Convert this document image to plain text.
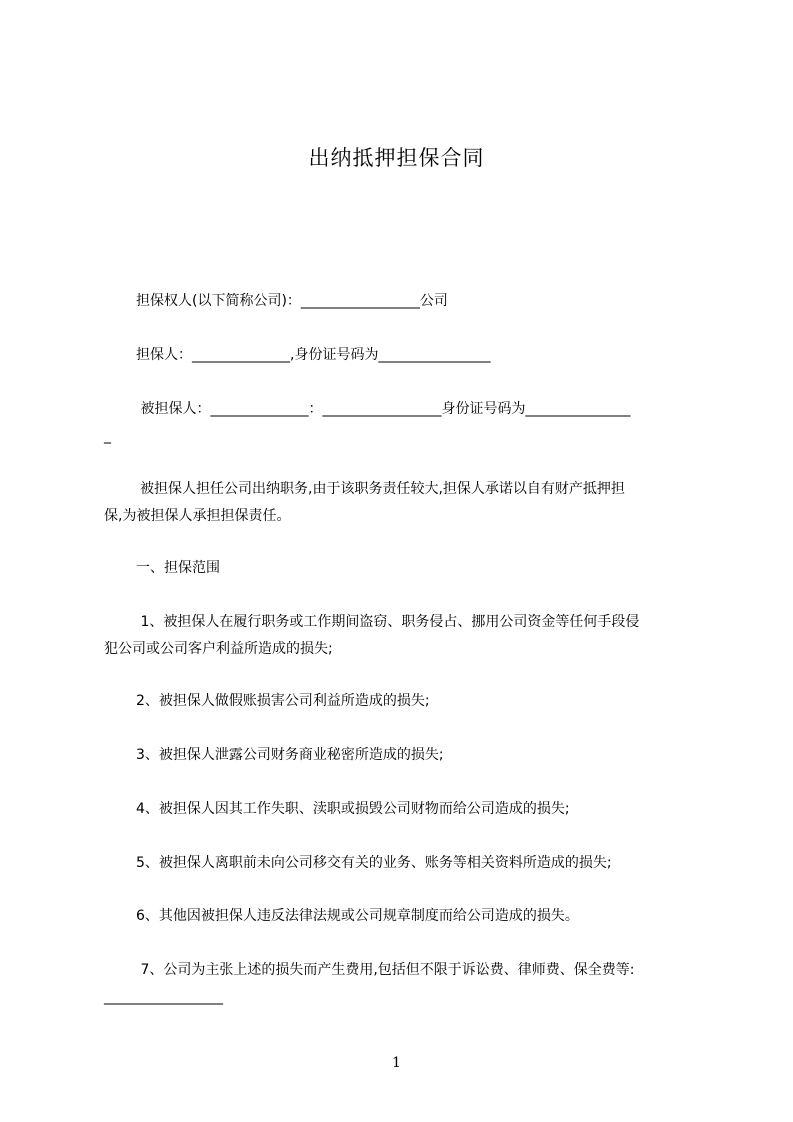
出纳抵押担保合同
担保权人(以下简称公司)：_________________公司
担保人：______________,身份证号码为________________
被担保人：______________：_________________身份证号码为_______________
_
被担保人担任公司出纳职务,由于该职务责任较大,担保人承诺以自有财产抵押担
保,为被担保人承担担保责任。
一、担保范围
1、被担保人在履行职务或工作期间盗窃、职务侵占、挪用公司资金等任何手段侵
犯公司或公司客户利益所造成的损失;
2、被担保人做假账损害公司利益所造成的损失;
3、被担保人泄露公司财务商业秘密所造成的损失;
4、被担保人因其工作失职、渎职或损毁公司财物而给公司造成的损失;
5、被担保人离职前未向公司移交有关的业务、账务等相关资料所造成的损失;
6、其他因被担保人违反法律法规或公司规章制度而给公司造成的损失。
7、公司为主张上述的损失而产生费用,包括但不限于诉讼费、律师费、保全费等:
_________________
1
